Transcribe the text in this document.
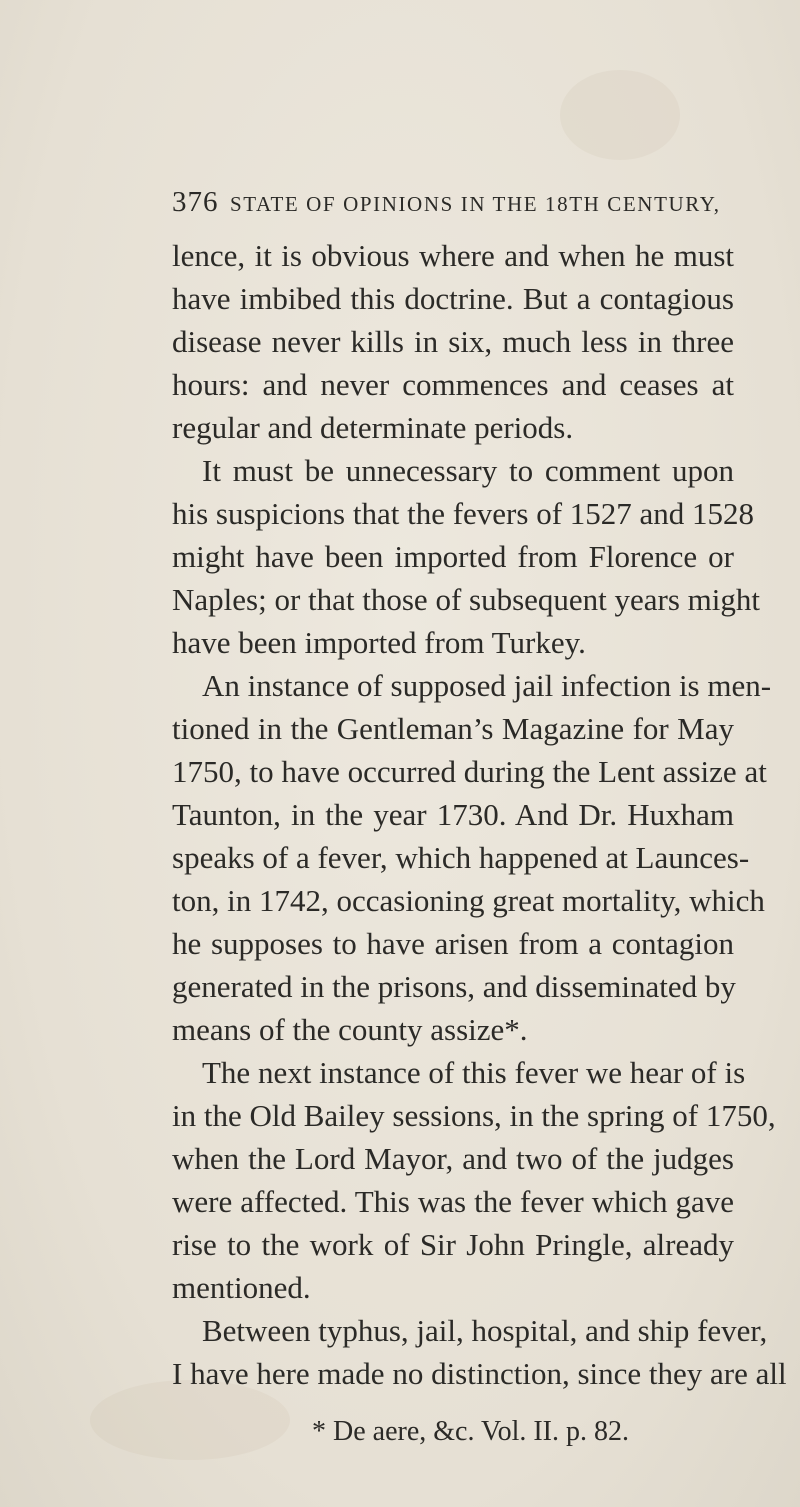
376 STATE OF OPINIONS IN THE 18TH CENTURY,
lence, it is obvious where and when he must
have imbibed this doctrine. But a contagious
disease never kills in six, much less in three
hours: and never commences and ceases at
regular and determinate periods.
It must be unnecessary to comment upon
his suspicions that the fevers of 1527 and 1528
might have been imported from Florence or
Naples; or that those of subsequent years might
have been imported from Turkey.
An instance of supposed jail infection is men-
tioned in the Gentleman’s Magazine for May
1750, to have occurred during the Lent assize at
Taunton, in the year 1730. And Dr. Huxham
speaks of a fever, which happened at Launces-
ton, in 1742, occasioning great mortality, which
he supposes to have arisen from a contagion
generated in the prisons, and disseminated by
means of the county assize*.
The next instance of this fever we hear of is
in the Old Bailey sessions, in the spring of 1750,
when the Lord Mayor, and two of the judges
were affected. This was the fever which gave
rise to the work of Sir John Pringle, already
mentioned.
Between typhus, jail, hospital, and ship fever,
I have here made no distinction, since they are all
* De aere, &c. Vol. II. p. 82.
